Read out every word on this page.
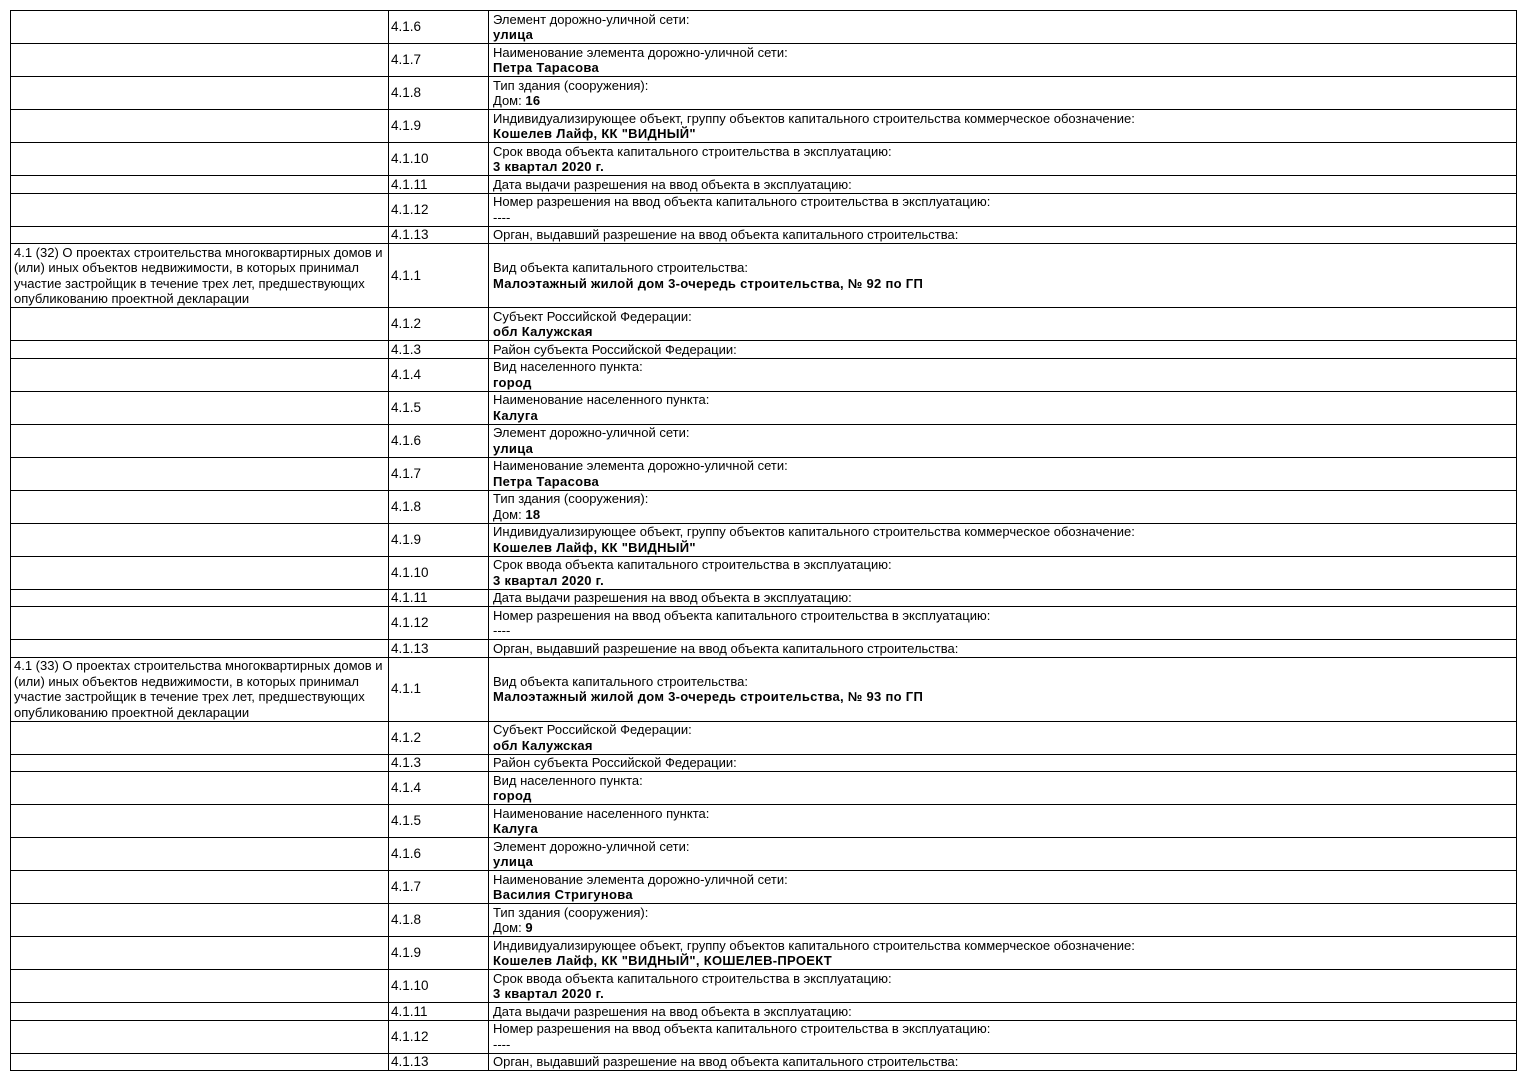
	4.1.6	Элемент дорожно-уличной сети:
улица

	4.1.7	Наименование элемента дорожно-уличной сети:
Петра Тарасова

	4.1.8	Тип здания (сооружения):
Дом: 16

	4.1.9	Индивидуализирующее объект, группу объектов капитального строительства коммерческое обозначение:
Кошелев Лайф, КК "ВИДНЫЙ"

	4.1.10	Срок ввода объекта капитального строительства в эксплуатацию:
3 квартал 2020 г.

	4.1.11	Дата выдачи разрешения на ввод объекта в эксплуатацию:

	4.1.12	Номер разрешения на ввод объекта капитального строительства в эксплуатацию:
----

	4.1.13	Орган, выдавший разрешение на ввод объекта капитального строительства:

4.1 (32) О проектах строительства многоквартирных домов и (или) иных объектов недвижимости, в которых принимал участие застройщик в течение трех лет, предшествующих опубликованию проектной декларации	4.1.1	Вид объекта капитального строительства:
Малоэтажный жилой дом 3-очередь строительства, № 92 по ГП

	4.1.2	Субъект Российской Федерации:
обл Калужская

	4.1.3	Район субъекта Российской Федерации:

	4.1.4	Вид населенного пункта:
город

	4.1.5	Наименование населенного пункта:
Калуга

	4.1.6	Элемент дорожно-уличной сети:
улица

	4.1.7	Наименование элемента дорожно-уличной сети:
Петра Тарасова

	4.1.8	Тип здания (сооружения):
Дом: 18

	4.1.9	Индивидуализирующее объект, группу объектов капитального строительства коммерческое обозначение:
Кошелев Лайф, КК "ВИДНЫЙ"

	4.1.10	Срок ввода объекта капитального строительства в эксплуатацию:
3 квартал 2020 г.

	4.1.11	Дата выдачи разрешения на ввод объекта в эксплуатацию:

	4.1.12	Номер разрешения на ввод объекта капитального строительства в эксплуатацию:
----

	4.1.13	Орган, выдавший разрешение на ввод объекта капитального строительства:

4.1 (33) О проектах строительства многоквартирных домов и (или) иных объектов недвижимости, в которых принимал участие застройщик в течение трех лет, предшествующих опубликованию проектной декларации	4.1.1	Вид объекта капитального строительства:
Малоэтажный жилой дом 3-очередь строительства, № 93 по ГП

	4.1.2	Субъект Российской Федерации:
обл Калужская

	4.1.3	Район субъекта Российской Федерации:

	4.1.4	Вид населенного пункта:
город

	4.1.5	Наименование населенного пункта:
Калуга

	4.1.6	Элемент дорожно-уличной сети:
улица

	4.1.7	Наименование элемента дорожно-уличной сети:
Василия Стригунова

	4.1.8	Тип здания (сооружения):
Дом: 9

	4.1.9	Индивидуализирующее объект, группу объектов капитального строительства коммерческое обозначение:
Кошелев Лайф, КК "ВИДНЫЙ", КОШЕЛЕВ-ПРОЕКТ

	4.1.10	Срок ввода объекта капитального строительства в эксплуатацию:
3 квартал 2020 г.

	4.1.11	Дата выдачи разрешения на ввод объекта в эксплуатацию:

	4.1.12	Номер разрешения на ввод объекта капитального строительства в эксплуатацию:
----

	4.1.13	Орган, выдавший разрешение на ввод объекта капитального строительства:
